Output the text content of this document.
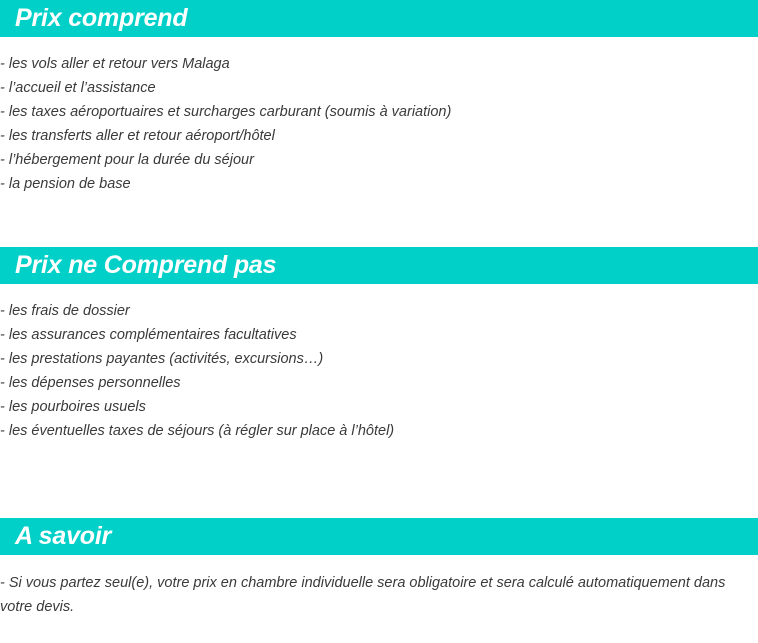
Prix comprend
- les vols aller et retour vers Malaga
- l’accueil et l’assistance
- les taxes aéroportuaires et surcharges carburant (soumis à variation)
- les transferts aller et retour aéroport/hôtel
- l’hébergement pour la durée du séjour
- la pension de base
Prix ne Comprend pas
- les frais de dossier
- les assurances complémentaires facultatives
- les prestations payantes (activités, excursions…)
- les dépenses personnelles
- les pourboires usuels
- les éventuelles taxes de séjours (à régler sur place à l’hôtel)
A savoir
- Si vous partez seul(e), votre prix en chambre individuelle sera obligatoire et sera calculé automatiquement dans votre devis.
